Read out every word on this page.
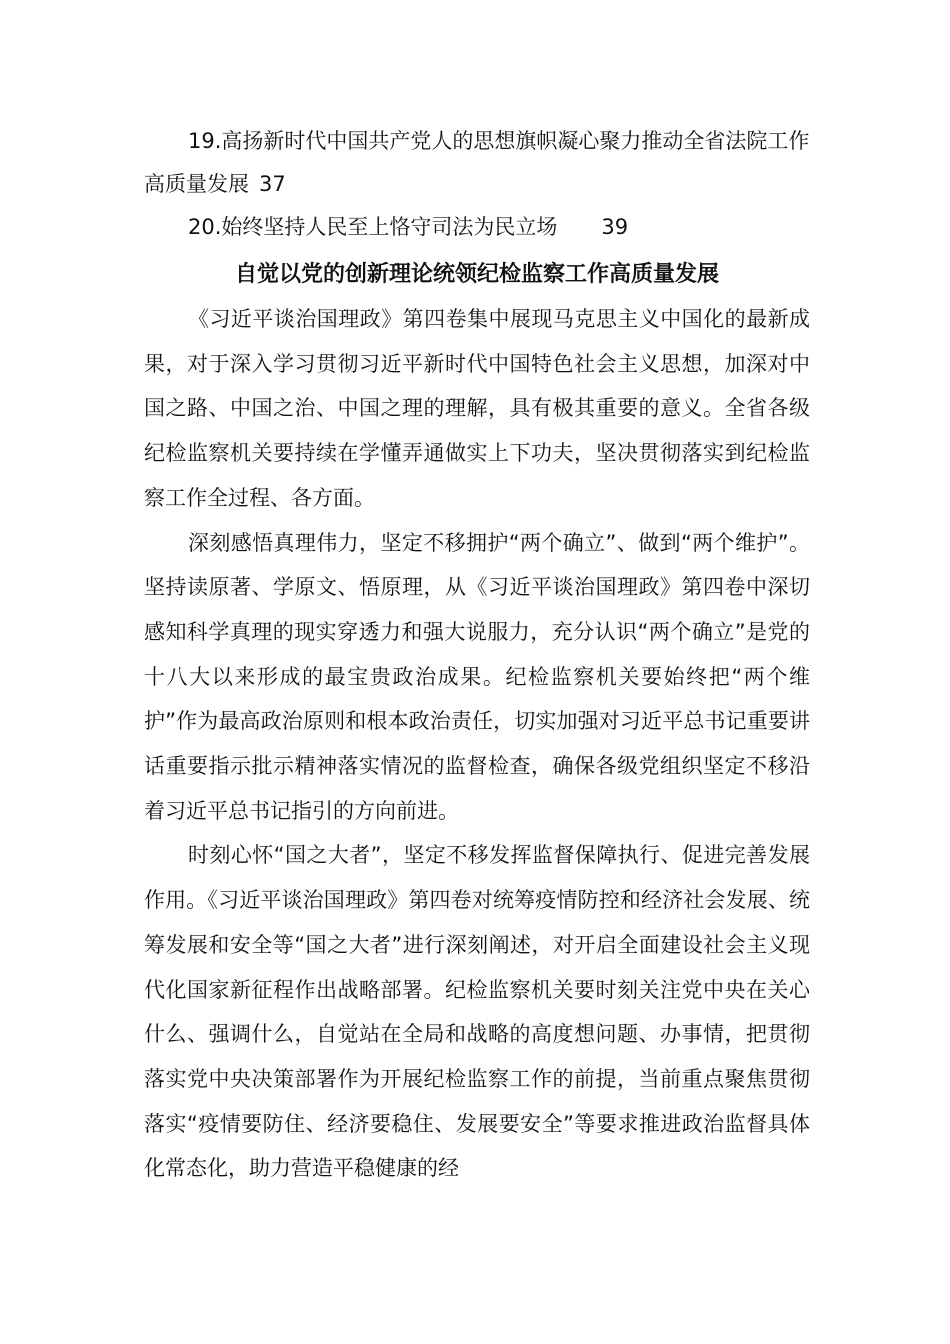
19.高扬新时代中国共产党人的思想旗帜凝心聚力推动全省法院工作高质量发展 37

20.始终坚持人民至上恪守司法为民立场 39

自觉以党的创新理论统领纪检监察工作高质量发展

《习近平谈治国理政》第四卷集中展现马克思主义中国化的最新成果，对于深入学习贯彻习近平新时代中国特色社会主义思想，加深对中国之路、中国之治、中国之理的理解，具有极其重要的意义。全省各级纪检监察机关要持续在学懂弄通做实上下功夫，坚决贯彻落实到纪检监察工作全过程、各方面。

深刻感悟真理伟力，坚定不移拥护“两个确立”、做到“两个维护”。坚持读原著、学原文、悟原理，从《习近平谈治国理政》第四卷中深切感知科学真理的现实穿透力和强大说服力，充分认识“两个确立”是党的十八大以来形成的最宝贵政治成果。纪检监察机关要始终把“两个维护”作为最高政治原则和根本政治责任，切实加强对习近平总书记重要讲话重要指示批示精神落实情况的监督检查，确保各级党组织坚定不移沿着习近平总书记指引的方向前进。

时刻心怀“国之大者”，坚定不移发挥监督保障执行、促进完善发展作用。《习近平谈治国理政》第四卷对统筹疫情防控和经济社会发展、统筹发展和安全等“国之大者”进行深刻阐述，对开启全面建设社会主义现代化国家新征程作出战略部署。纪检监察机关要时刻关注党中央在关心什么、强调什么，自觉站在全局和战略的高度想问题、办事情，把贯彻落实党中央决策部署作为开展纪检监察工作的前提，当前重点聚焦贯彻落实“疫情要防住、经济要稳住、发展要安全”等要求推进政治监督具体化常态化，助力营造平稳健康的经
